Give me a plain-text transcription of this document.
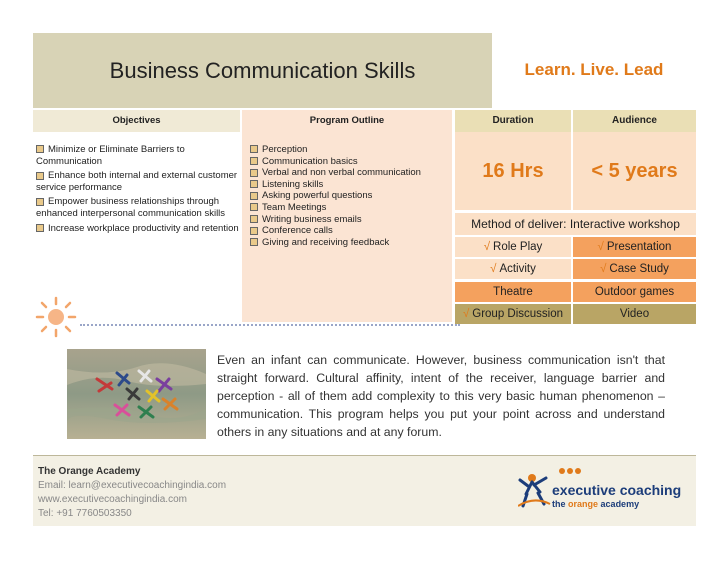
Business Communication Skills	Learn. Live. Lead
Objectives	Program Outline	Duration	Audience
Minimize or Eliminate Barriers to Communication
Enhance both internal and external customer service performance
Empower business relationships through enhanced interpersonal communication skills
Increase workplace productivity and retention
Perception
Communication basics
Verbal and non verbal communication
Listening skills
Asking powerful questions
Team Meetings
Writing business emails
Conference calls
Giving and receiving feedback
16 Hrs	< 5 years
Method of deliver: Interactive workshop
√ Role Play	√ Presentation
√ Activity	√ Case Study
Theatre	Outdoor games
√ Group Discussion	Video
Even an infant can communicate. However, business communication isn't that straight forward. Cultural affinity, intent of the receiver, language barrier and perception - all of them add complexity to this very basic human phenomenon – communication. This program helps you put your point across and understand others in any situations and at any forum.
The Orange Academy
Email: learn@executivecoachingindia.com
www.executivecoachingindia.com
Tel: +91 7760503350
executive coaching
the orange academy
